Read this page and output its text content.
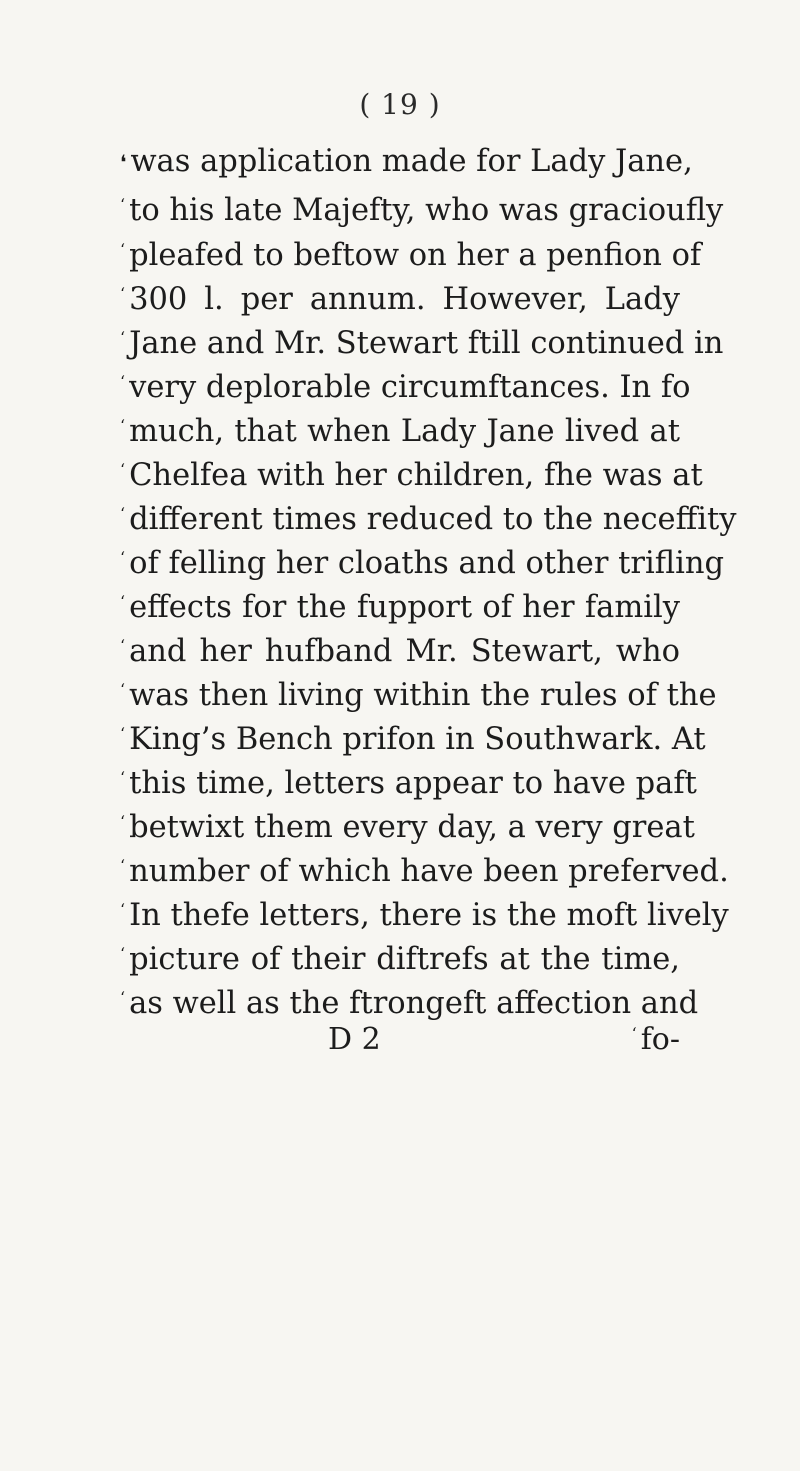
( 19 )
❛ was application made for Lady Jane,
‘ to his late Majefty, who was gracioufly
‘ pleafed to beftow on her a penfion of
‘ 300 l. per annum. However, Lady
‘ Jane and Mr. Stewart ftill continued in
‘ very deplorable circumftances. In fo
‘ much, that when Lady Jane lived at
‘ Chelfea with her children, fhe was at
‘ different times reduced to the neceffity
‘ of felling her cloaths and other trifling
‘ effects for the fupport of her family
‘ and her hufband Mr. Stewart, who
‘ was then living within the rules of the
‘ King’s Bench prifon in Southwark. At
‘ this time, letters appear to have paft
‘ betwixt them every day, a very great
‘ number of which have been preferved.
‘ In thefe letters, there is the moft lively
‘ picture of their diftrefs at the time,
‘ as well as the ftrongeft affection and
D 2	‘ fo-
